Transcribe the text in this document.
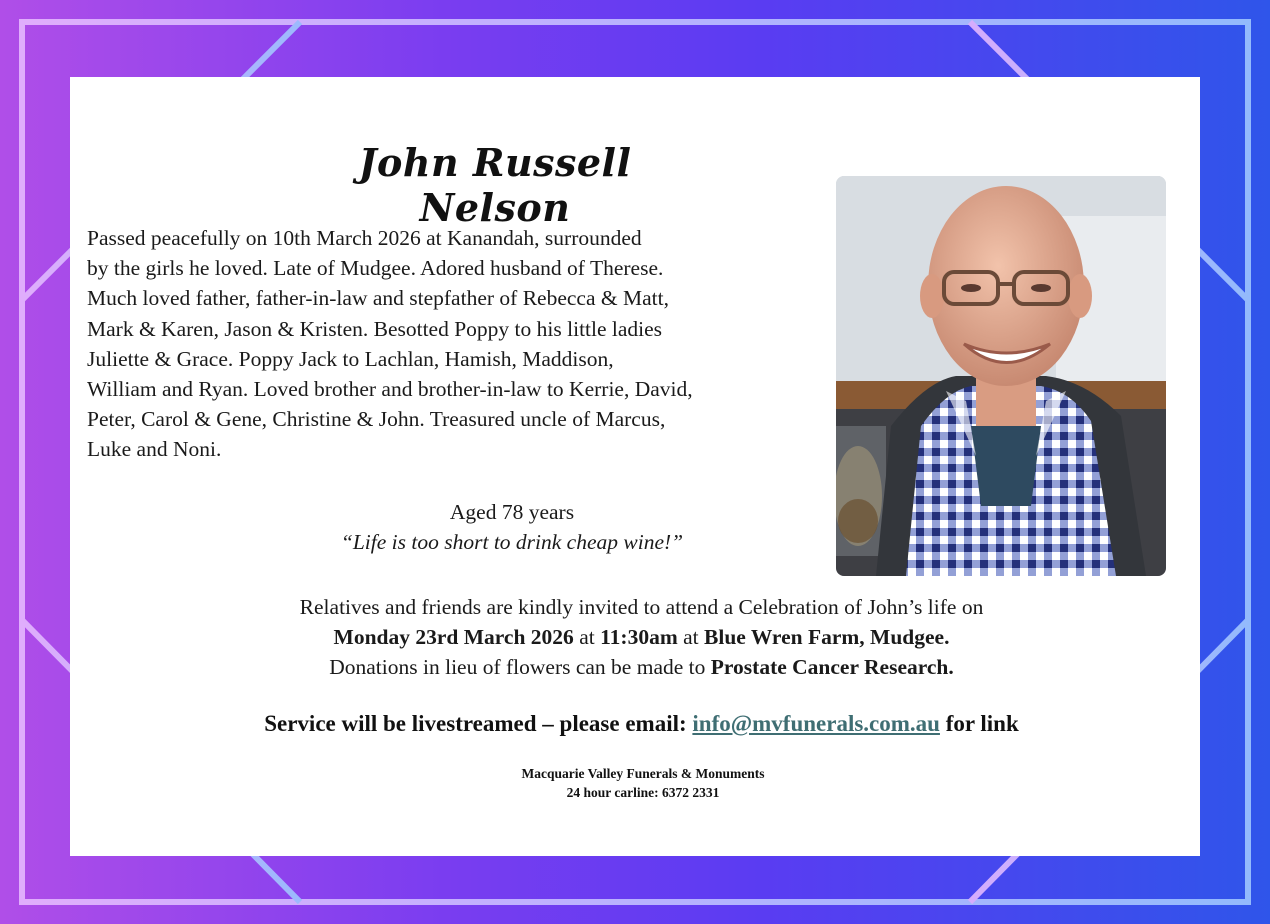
John Russell Nelson

Passed peacefully on 10th March 2026 at Kanandah, surrounded
by the girls he loved. Late of Mudgee. Adored husband of Therese.
Much loved father, father-in-law and stepfather of Rebecca & Matt,
Mark & Karen, Jason & Kristen. Besotted Poppy to his little ladies
Juliette & Grace. Poppy Jack to Lachlan, Hamish, Maddison,
William and Ryan. Loved brother and brother-in-law to Kerrie, David,
Peter, Carol & Gene, Christine & John. Treasured uncle of Marcus,
Luke and Noni.

Aged 78 years
“Life is too short to drink cheap wine!”
Relatives and friends are kindly invited to attend a Celebration of John’s life on
Monday 23rd March 2026 at 11:30am at Blue Wren Farm, Mudgee.
Donations in lieu of flowers can be made to Prostate Cancer Research.
Service will be livestreamed – please email: info@mvfunerals.com.au for link
Macquarie Valley Funerals & Monuments
24 hour carline: 6372 2331
